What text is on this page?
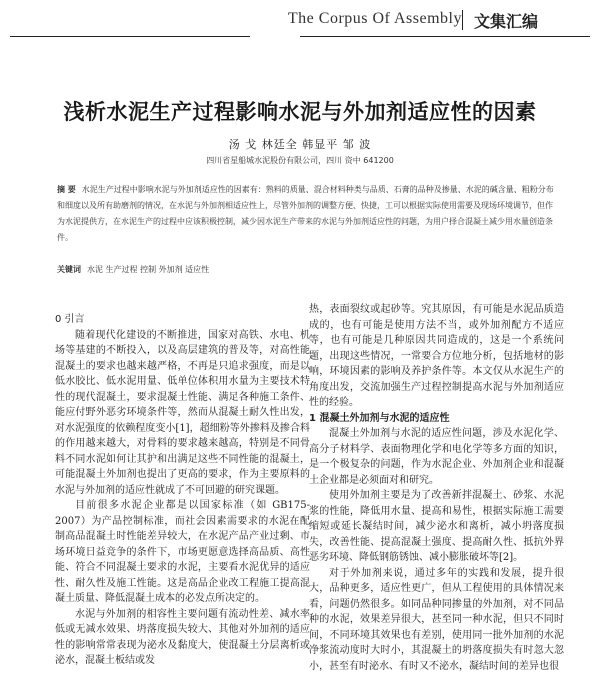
The Corpus Of Assembly 文集汇编
浅析水泥生产过程影响水泥与外加剂适应性的因素
汤 戈 林廷全 韩显平 邹 波
四川省星船城水泥股份有限公司，四川 资中 641200
摘 要 水泥生产过程中影响水泥与外加剂适应性的因素有：熟料的质量、混合材料种类与品质、石膏的品种及掺量、水泥的碱含量、粗粉分布和细度以及所有助磨剂的情况，在水泥与外加剂相适应性上，尽管外加剂的调整方便、快捷，工可以根据实际使用需要及现场环境调节，但作为水泥提供方，在水泥生产的过程中应该积极控制，减少因水泥生产带来的水泥与外加剂适应性的问题，为用户择合混凝土减少用水量创造条件。
关键词 水泥 生产过程 控制 外加剂 适应性
0 引言

随着现代化建设的不断推进，国家对高铁、水电、机场等基建的不断投入，以及高层建筑的普及等，对高性能混凝土的要求也越来越严格，不再是只追求强度，而是以低水胶比、低水泥用量、低单位体积用水量为主要技术特性的现代混凝土，要求混凝土性能、满足各种施工条件、能应付野外恶劣环境条件等，然而从混凝土耐久性出发，对水泥强度的依赖程度变小[1]，超细粉等外掺料及掺合料的作用越来越大，对骨料的要求越来越高，特别是不同骨料不同水泥如何让其护和出满足这些不同性能的混凝土，可能混凝土外加剂也提出了更高的要求，作为主要原料的水泥与外加剂的适应性就成了不可回避的研究课题。

目前很多水泥企业都是以国家标准（如 GB175-2007）为产品控制标准，而社会因素需要求的水泥在配制高品混凝土时性能差异较大，在水泥产品产业过剩、市场环境日益竞争的条件下，市场更愿意选择高品质、高性能、符合不同混凝土要求的水泥，主要看水泥优异的适应性、耐久性及施工性能。这是高品企业改工程施工提高混凝土质量、降低混凝土成本的必发点所决定的。

水泥与外加剂的相容性主要问题有流动性差、减水率低或无减水效果、坍落度损失较大、其他对外加剂的适应性的影响常常表现为泌水及黏度大，使混凝土分层离析或泌水，混凝土板结或发

热，表面裂纹或起砂等。究其原因，有可能是水泥品质造成的，也有可能是使用方法不当，或外加剂配方不适应等，也有可能是几种原因共同造成的，这是一个系统问题，出现这些情况，一常要合方位地分析，包括地材的影响，环境因素的影响及养护条件等。本文仅从水泥生产的角度出发，交流加强生产过程控制提高水泥与外加剂适应性的经验。

1 混凝土外加剂与水泥的适应性

混凝土外加剂与水泥的适应性问题，涉及水泥化学、高分子材料学、表面物理化学和电化学等多方面的知识，是一个极复杂的问题，作为水泥企业、外加剂企业和混凝土企业都是必须面对和研究。

使用外加剂主要是为了改善新拌混凝土、砂浆、水泥浆的性能，降低用水量、提高和易性，根据实际施工需要缩短或延长凝结时间，减少泌水和离析，减小坍落度损失，改善性能、提高混凝土强度、提高耐久性、抵抗外界恶劣环境、降低钢筋锈蚀、减小膨胀破坏等[2]。

对于外加剂来说，通过多年的实践和发展，提升很大，品种更多，适应性更广，但从工程使用的具体情况来看，问题仍然很多。如同品种同掺量的外加剂，对不同品种的水泥，效果差异很大，甚至同一种水泥，但只不同时间，不同环境其效果也有差别，使用同一批外加剂的水泥净浆流动度时大时小，其混凝土的坍落度损失有时忽大忽小，甚至有时泌水、有时又不泌水，凝结时间的差异也很
